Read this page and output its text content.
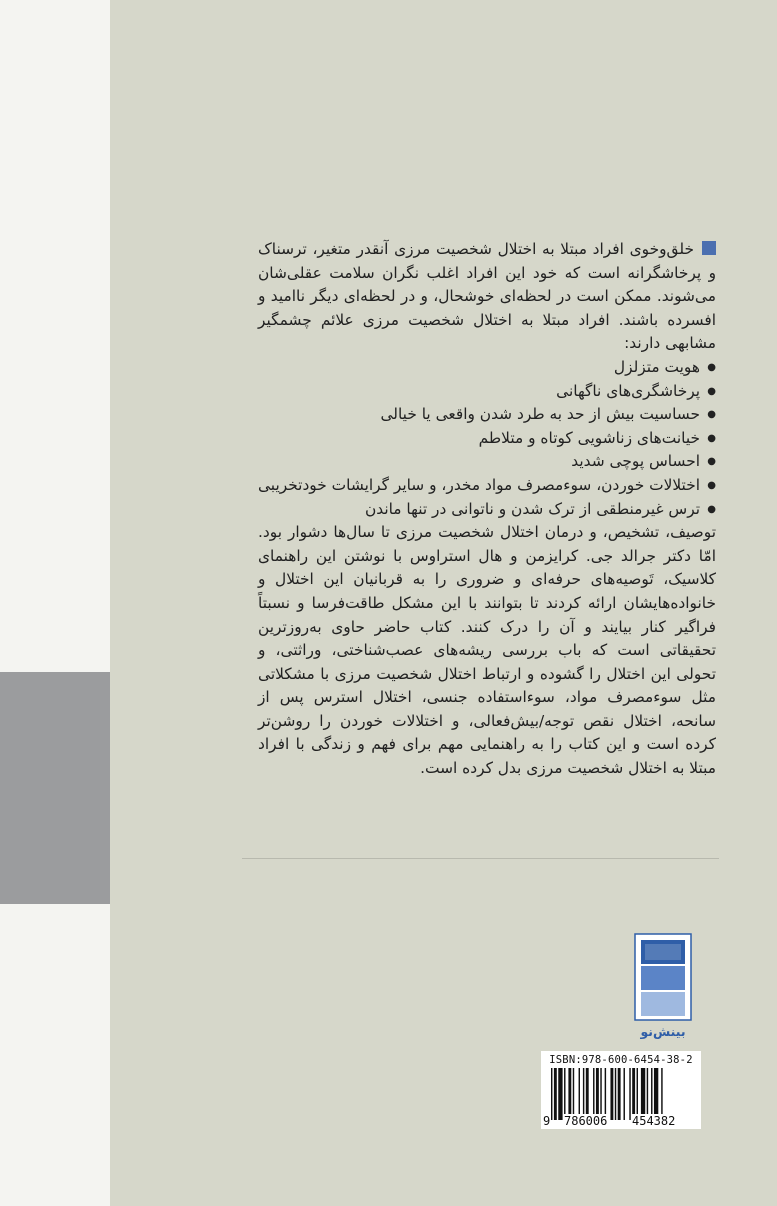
خلق‌وخوی افراد مبتلا به اختلال شخصیت مرزی آنقدر متغیر، ترسناک و پرخاشگرانه است که خود این افراد اغلب نگران سلامت عقلی‌شان می‌شوند. ممکن است در لحظه‌ای خوشحال، و در لحظه‌ای دیگر ناامید و افسرده باشند. افراد مبتلا به اختلال شخصیت مرزی علائم چشمگیر مشابهی دارند:

● هویت متزلزل
● پرخاشگری‌های ناگهانی
● حساسیت بیش از حد به طرد شدن واقعی یا خیالی
● خیانت‌های زناشویی کوتاه و متلاطم
● احساس پوچی شدید
● اختلالات خوردن، سوءمصرف مواد مخدر، و سایر گرایشات خودتخریبی
● ترس غیرمنطقی از ترک شدن و ناتوانی در تنها ماندن

توصیف، تشخیص، و درمان اختلال شخصیت مرزی تا سال‌ها دشوار بود. امّا دکتر جرالد جی. کرایزمن و هال استراوس با نوشتن این راهنمای کلاسیک، تَوصیه‌های حرفه‌ای و ضروری را به قربانیان این اختلال و خانواده‌هایشان ارائه کردند تا بتوانند با این مشکل طاقت‌فرسا و نسبتاً فراگیر کنار بیایند و آن را درک کنند. کتاب حاضر حاوی به‌روزترین تحقیقاتی است که باب بررسی ریشه‌های عصب‌شناختی، وراثتی، و تحولی این اختلال را گشوده و ارتباط اختلال شخصیت مرزی با مشکلاتی مثل سوءمصرف مواد، سوءاستفاده جنسی، اختلال استرس پس از سانحه، اختلال نقص توجه/بیش‌فعالی، و اختلالات خوردن را روشن‌تر کرده است و این کتاب را به راهنمایی مهم برای فهم و زندگی با افراد مبتلا به اختلال شخصیت مرزی بدل کرده است.

بینش‌نو
ISBN:978-600-6454-38-2
9 786006 454382
